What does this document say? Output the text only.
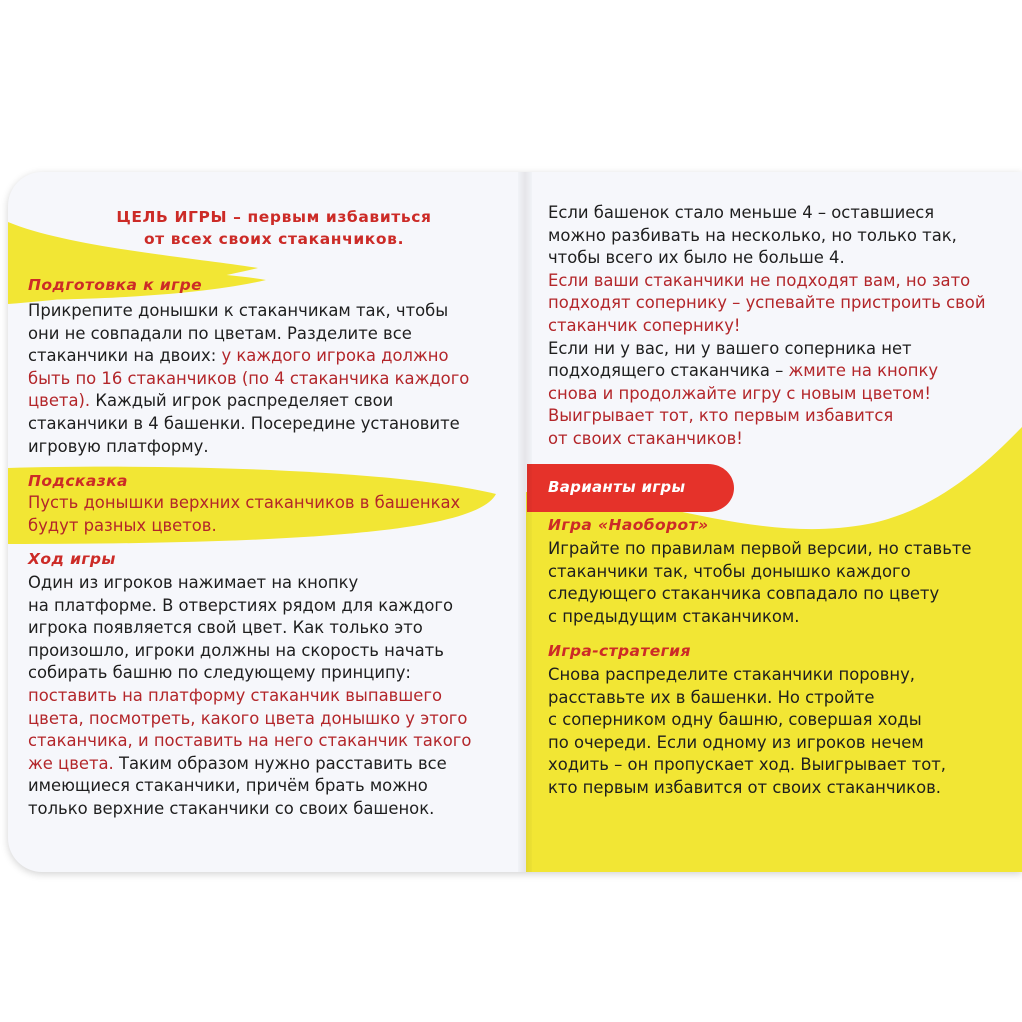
ЦЕЛЬ ИГРЫ – первым избавиться
от всех своих стаканчиков.
Подготовка к игре
Прикрепите донышки к стаканчикам так, чтобы
они не совпадали по цветам. Разделите все
стаканчики на двоих: у каждого игрока должно
быть по 16 стаканчиков (по 4 стаканчика каждого
цвета). Каждый игрок распределяет свои
стаканчики в 4 башенки. Посередине установите
игровую платформу.
Подсказка
Пусть донышки верхних стаканчиков в башенках
будут разных цветов.
Ход игры
Один из игроков нажимает на кнопку
на платформе. В отверстиях рядом для каждого
игрока появляется свой цвет. Как только это
произошло, игроки должны на скорость начать
собирать башню по следующему принципу:
поставить на платформу стаканчик выпавшего
цвета, посмотреть, какого цвета донышко у этого
стаканчика, и поставить на него стаканчик такого
же цвета. Таким образом нужно расставить все
имеющиеся стаканчики, причём брать можно
только верхние стаканчики со своих башенок.
Если башенок стало меньше 4 – оставшиеся
можно разбивать на несколько, но только так,
чтобы всего их было не больше 4.
Если ваши стаканчики не подходят вам, но зато
подходят сопернику – успевайте пристроить свой
стаканчик сопернику!
Если ни у вас, ни у вашего соперника нет
подходящего стаканчика – жмите на кнопку
снова и продолжайте игру с новым цветом!
Выигрывает тот, кто первым избавится
от своих стаканчиков!
Варианты игры
Игра «Наоборот»
Играйте по правилам первой версии, но ставьте
стаканчики так, чтобы донышко каждого
следующего стаканчика совпадало по цвету
с предыдущим стаканчиком.
Игра-стратегия
Снова распределите стаканчики поровну,
расставьте их в башенки. Но стройте
с соперником одну башню, совершая ходы
по очереди. Если одному из игроков нечем
ходить – он пропускает ход. Выигрывает тот,
кто первым избавится от своих стаканчиков.
